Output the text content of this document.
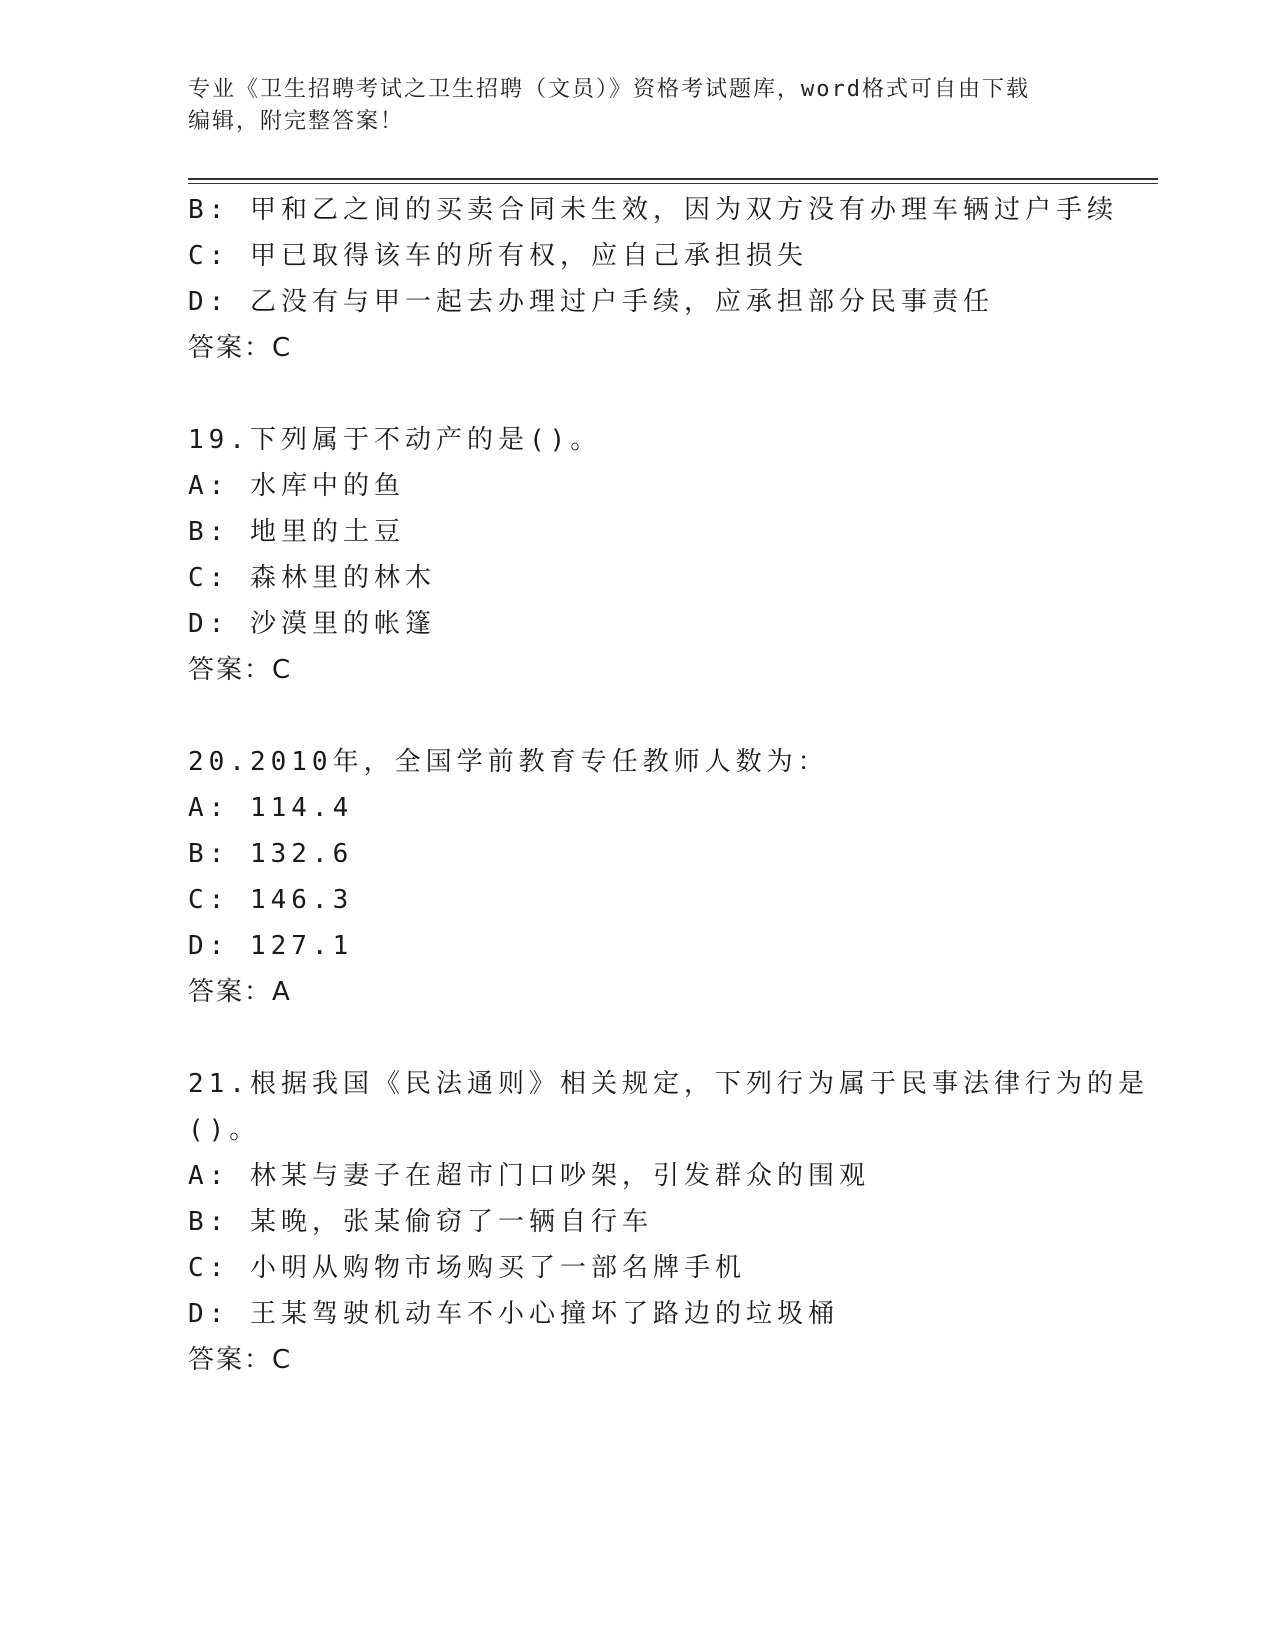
专业《卫生招聘考试之卫生招聘（文员）》资格考试题库，word格式可自由下载
编辑，附完整答案！
B: 甲和乙之间的买卖合同未生效，因为双方没有办理车辆过户手续
C: 甲已取得该车的所有权，应自己承担损失
D: 乙没有与甲一起去办理过户手续，应承担部分民事责任
答案：C
19.下列属于不动产的是()。
A: 水库中的鱼
B: 地里的土豆
C: 森林里的林木
D: 沙漠里的帐篷
答案：C
20.2010年，全国学前教育专任教师人数为：
A: 114.4
B: 132.6
C: 146.3
D: 127.1
答案：A
21.根据我国《民法通则》相关规定，下列行为属于民事法律行为的是
()。
A: 林某与妻子在超市门口吵架，引发群众的围观
B: 某晚，张某偷窃了一辆自行车
C: 小明从购物市场购买了一部名牌手机
D: 王某驾驶机动车不小心撞坏了路边的垃圾桶
答案：C
